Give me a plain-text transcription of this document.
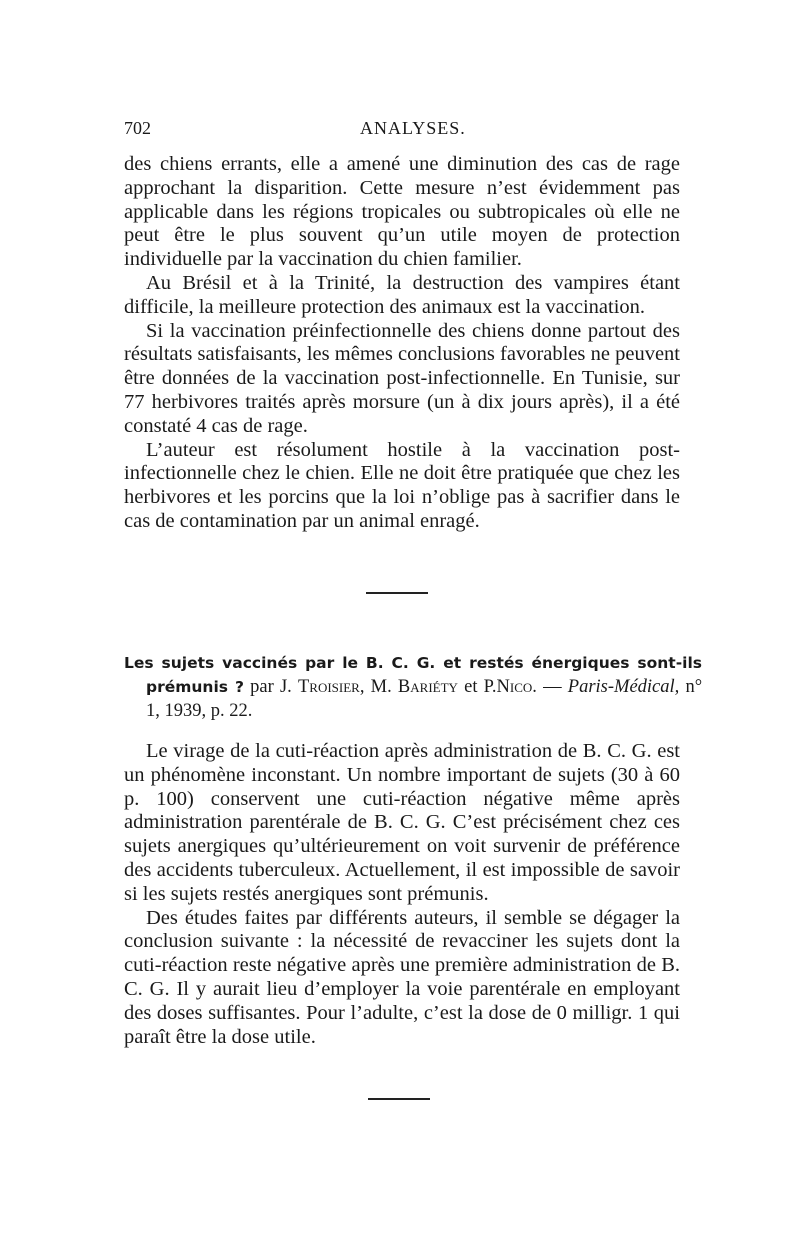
702	ANALYSES.

des chiens errants, elle a amené une diminution des cas de rage approchant la disparition. Cette mesure n’est évidemment pas applicable dans les régions tropicales ou subtropicales où elle ne peut être le plus souvent qu’un utile moyen de protection individuelle par la vaccination du chien familier.

Au Brésil et à la Trinité, la destruction des vampires étant difficile, la meilleure protection des animaux est la vaccination.

Si la vaccination préinfectionnelle des chiens donne partout des résultats satisfaisants, les mêmes conclusions favorables ne peuvent être données de la vaccination post-infectionnelle. En Tunisie, sur 77 herbivores traités après morsure (un à dix jours après), il a été constaté 4 cas de rage.

L’auteur est résolument hostile à la vaccination post-infectionnelle chez le chien. Elle ne doit être pratiquée que chez les herbivores et les porcins que la loi n’oblige pas à sacrifier dans le cas de contamination par un animal enragé.

Les sujets vaccinés par le B. C. G. et restés énergiques sont-ils prémunis ? par J. Troisier, M. Bariéty et P.Nico. — Paris-Médical, n° 1, 1939, p. 22.

Le virage de la cuti-réaction après administration de B. C. G. est un phénomène inconstant. Un nombre important de sujets (30 à 60 p. 100) conservent une cuti-réaction négative même après administration parentérale de B. C. G. C’est précisément chez ces sujets anergiques qu’ultérieurement on voit survenir de préférence des accidents tuberculeux. Actuellement, il est impossible de savoir si les sujets restés anergiques sont prémunis.

Des études faites par différents auteurs, il semble se dégager la conclusion suivante : la nécessité de revacciner les sujets dont la cuti-réaction reste négative après une première administration de B. C. G. Il y aurait lieu d’employer la voie parentérale en employant des doses suffisantes. Pour l’adulte, c’est la dose de 0 milligr. 1 qui paraît être la dose utile.
